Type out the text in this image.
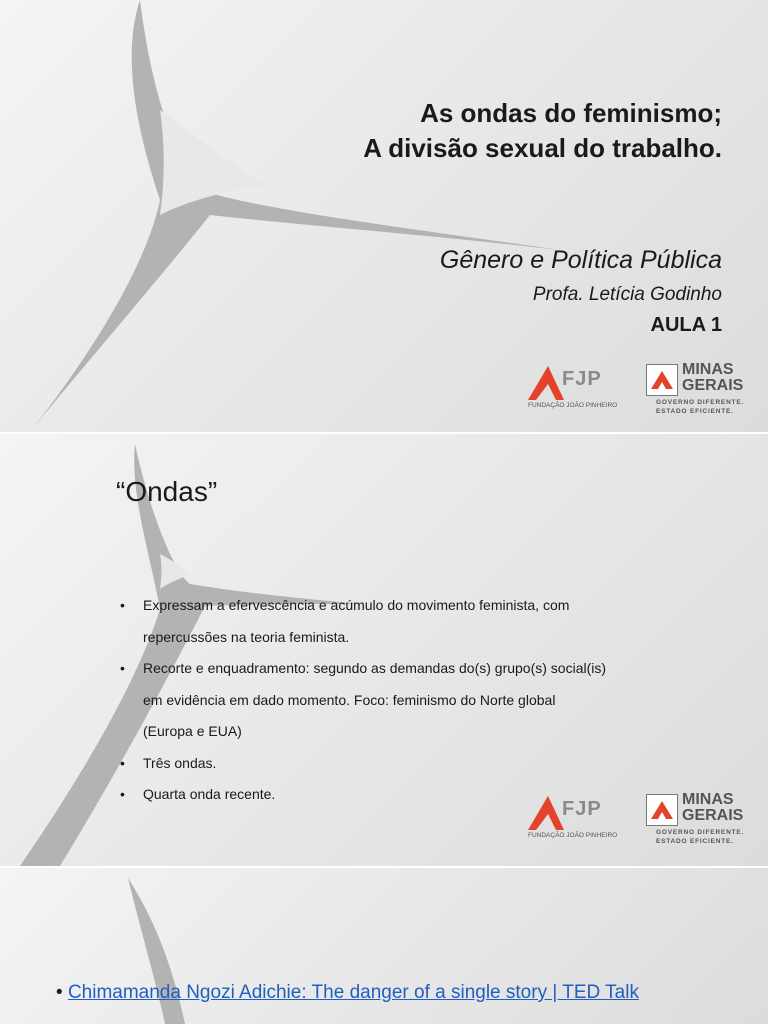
As ondas do feminismo;
A divisão sexual do trabalho.
Gênero e Política Pública
Profa. Letícia Godinho
AULA 1
FJP
FUNDAÇÃO JOÃO PINHEIRO
MINAS
GERAIS
GOVERNO DIFERENTE.
ESTADO EFICIENTE.
“Ondas”
• Expressam a efervescência e acúmulo do movimento feminista, com
repercussões na teoria feminista.
• Recorte e enquadramento: segundo as demandas do(s) grupo(s) social(is)
em evidência em dado momento. Foco: feminismo do Norte global
(Europa e EUA)
• Três ondas.
• Quarta onda recente.
FJP
FUNDAÇÃO JOÃO PINHEIRO
MINAS
GERAIS
GOVERNO DIFERENTE.
ESTADO EFICIENTE.
• Chimamanda Ngozi Adichie: The danger of a single story | TED Talk
